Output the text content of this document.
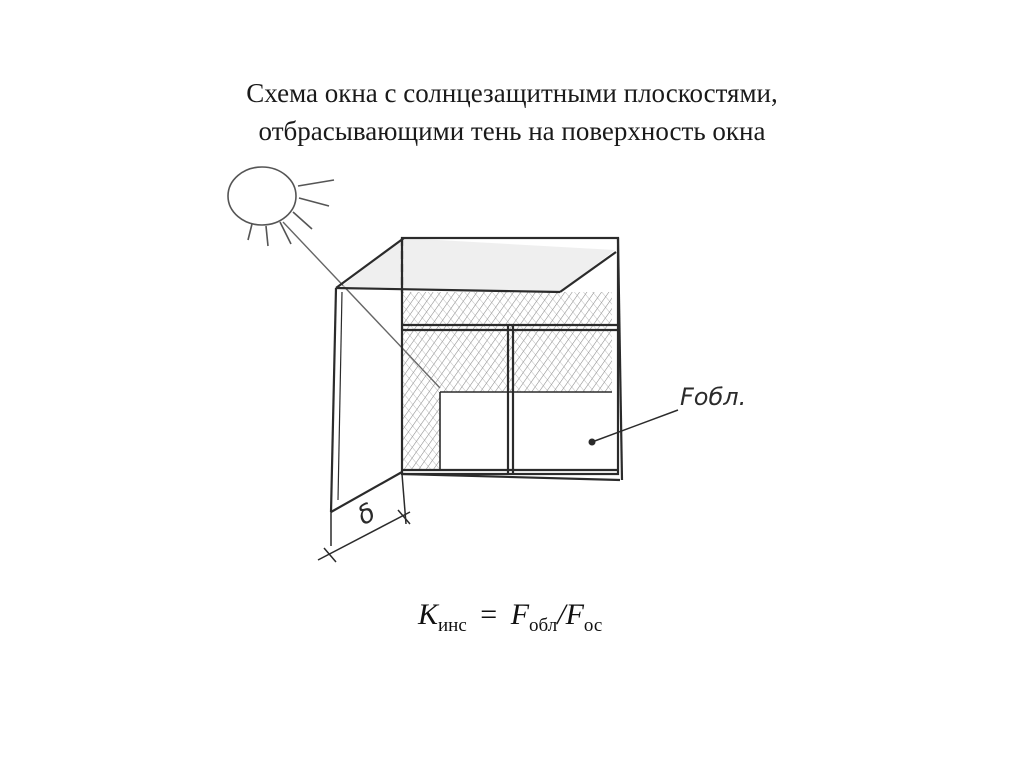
Схема окна с солнцезащитными плоскостями,
отбрасывающими тень на поверхность окна
δ
Fобл.
$K_{инс} = F_{обл}/F_{ос}$
